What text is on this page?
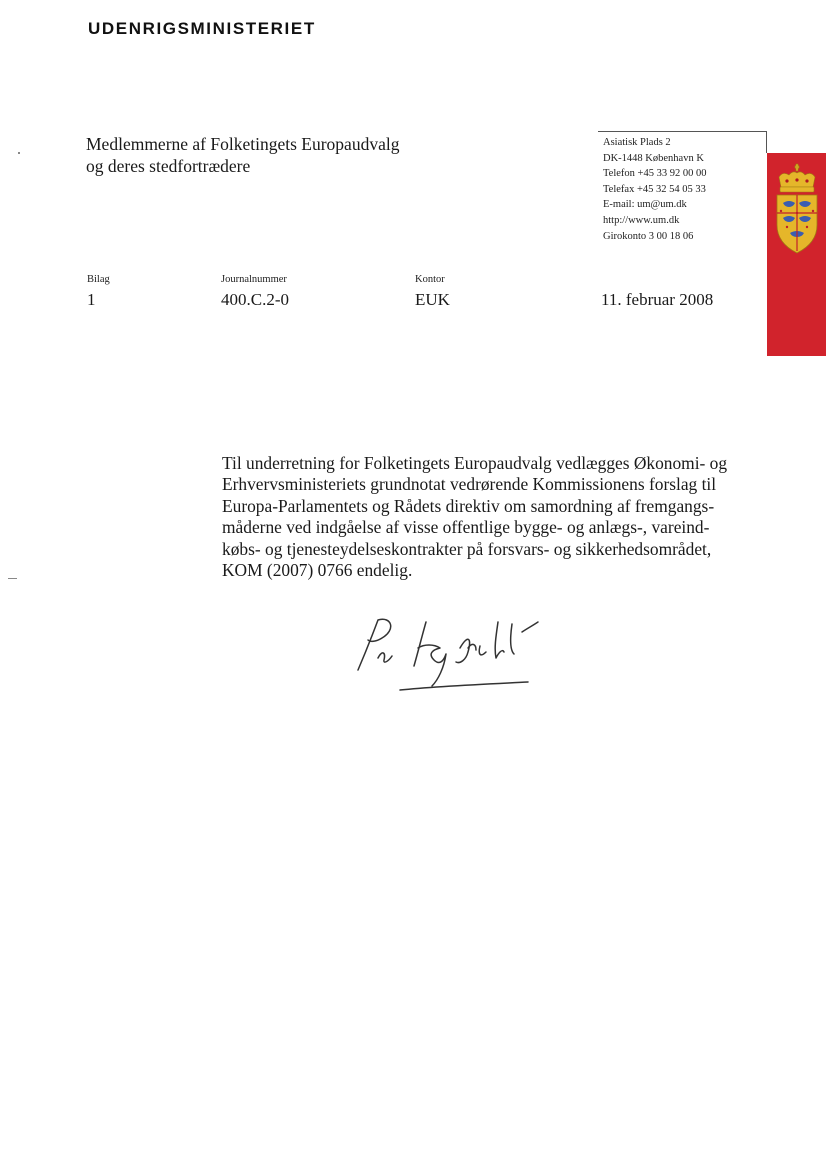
UDENRIGSMINISTERIET
Medlemmerne af Folketingets Europaudvalg
og deres stedfortrædere
Asiatisk Plads 2
DK-1448 København K
Telefon +45 33 92 00 00
Telefax +45 32 54 05 33
E-mail: um@um.dk
http://www.um.dk
Girokonto 3 00 18 06
Bilag
1
Journalnummer
400.C.2-0
Kontor
EUK	11. februar 2008
Til underretning for Folketingets Europaudvalg vedlægges Økonomi- og
Erhvervsministeriets grundnotat vedrørende Kommissionens forslag til
Europa-Parlamentets og Rådets direktiv om samordning af fremgangs-
måderne ved indgåelse af visse offentlige bygge- og anlægs-, vareind-
købs- og tjenesteydelseskontrakter på forsvars- og sikkerhedsområdet,
KOM (2007) 0766 endelig.
